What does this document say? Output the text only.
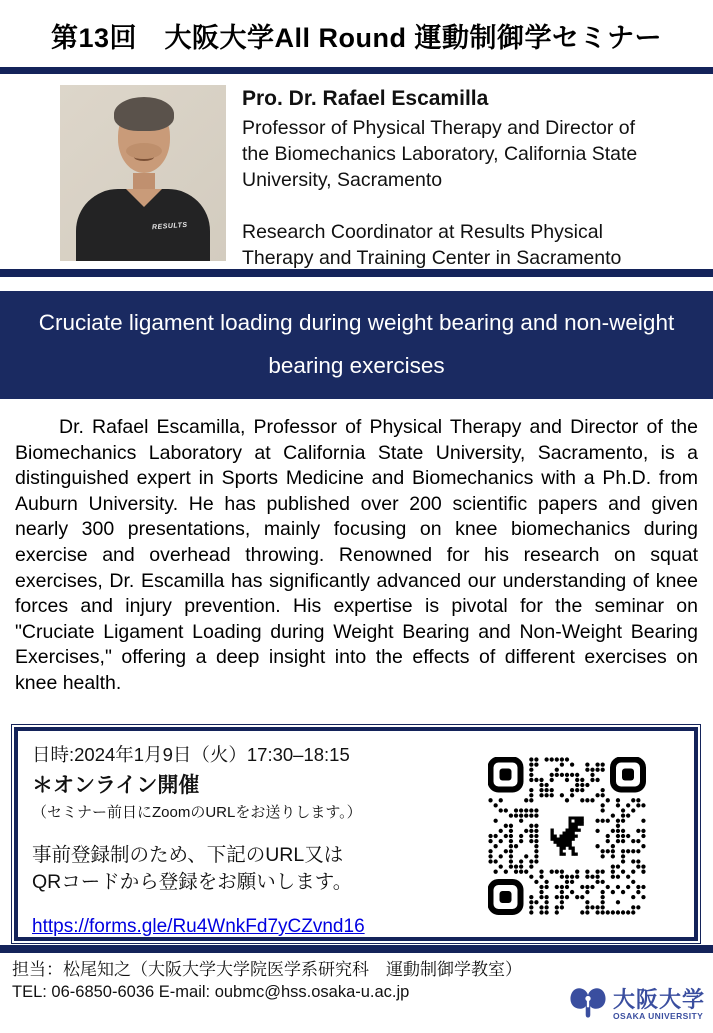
第13回　大阪大学All Round 運動制御学セミナー
RESULTS
Pro. Dr. Rafael Escamilla
Professor of Physical Therapy and Director of the Biomechanics Laboratory, California State University, Sacramento
Research Coordinator at Results Physical Therapy and Training Center in Sacramento
Cruciate ligament loading during weight bearing and non-weight bearing exercises
Dr. Rafael Escamilla, Professor of Physical Therapy and Director of the Biomechanics Laboratory at California State University, Sacramento, is a distinguished expert in Sports Medicine and Biomechanics with a Ph.D. from Auburn University. He has published over 200 scientific papers and given nearly 300 presentations, mainly focusing on knee biomechanics during exercise and overhead throwing. Renowned for his research on squat exercises, Dr. Escamilla has significantly advanced our understanding of knee forces and injury prevention. His expertise is pivotal for the seminar on "Cruciate Ligament Loading during Weight Bearing and Non-Weight Bearing Exercises," offering a deep insight into the effects of different exercises on knee health.
日時:2024年1月9日（火）17:30–18:15
＊オンライン開催
（セミナー前日にZoomのURLをお送りします。）
事前登録制のため、下記のURL又は
QRコードから登録をお願いします。
https://forms.gle/Ru4WnkFd7yCZvnd16
担当：松尾知之（大阪大学大学院医学系研究科　運動制御学教室）
TEL: 06-6850-6036 E-mail: oubmc@hss.osaka-u.ac.jp	大阪大学
OSAKA UNIVERSITY
